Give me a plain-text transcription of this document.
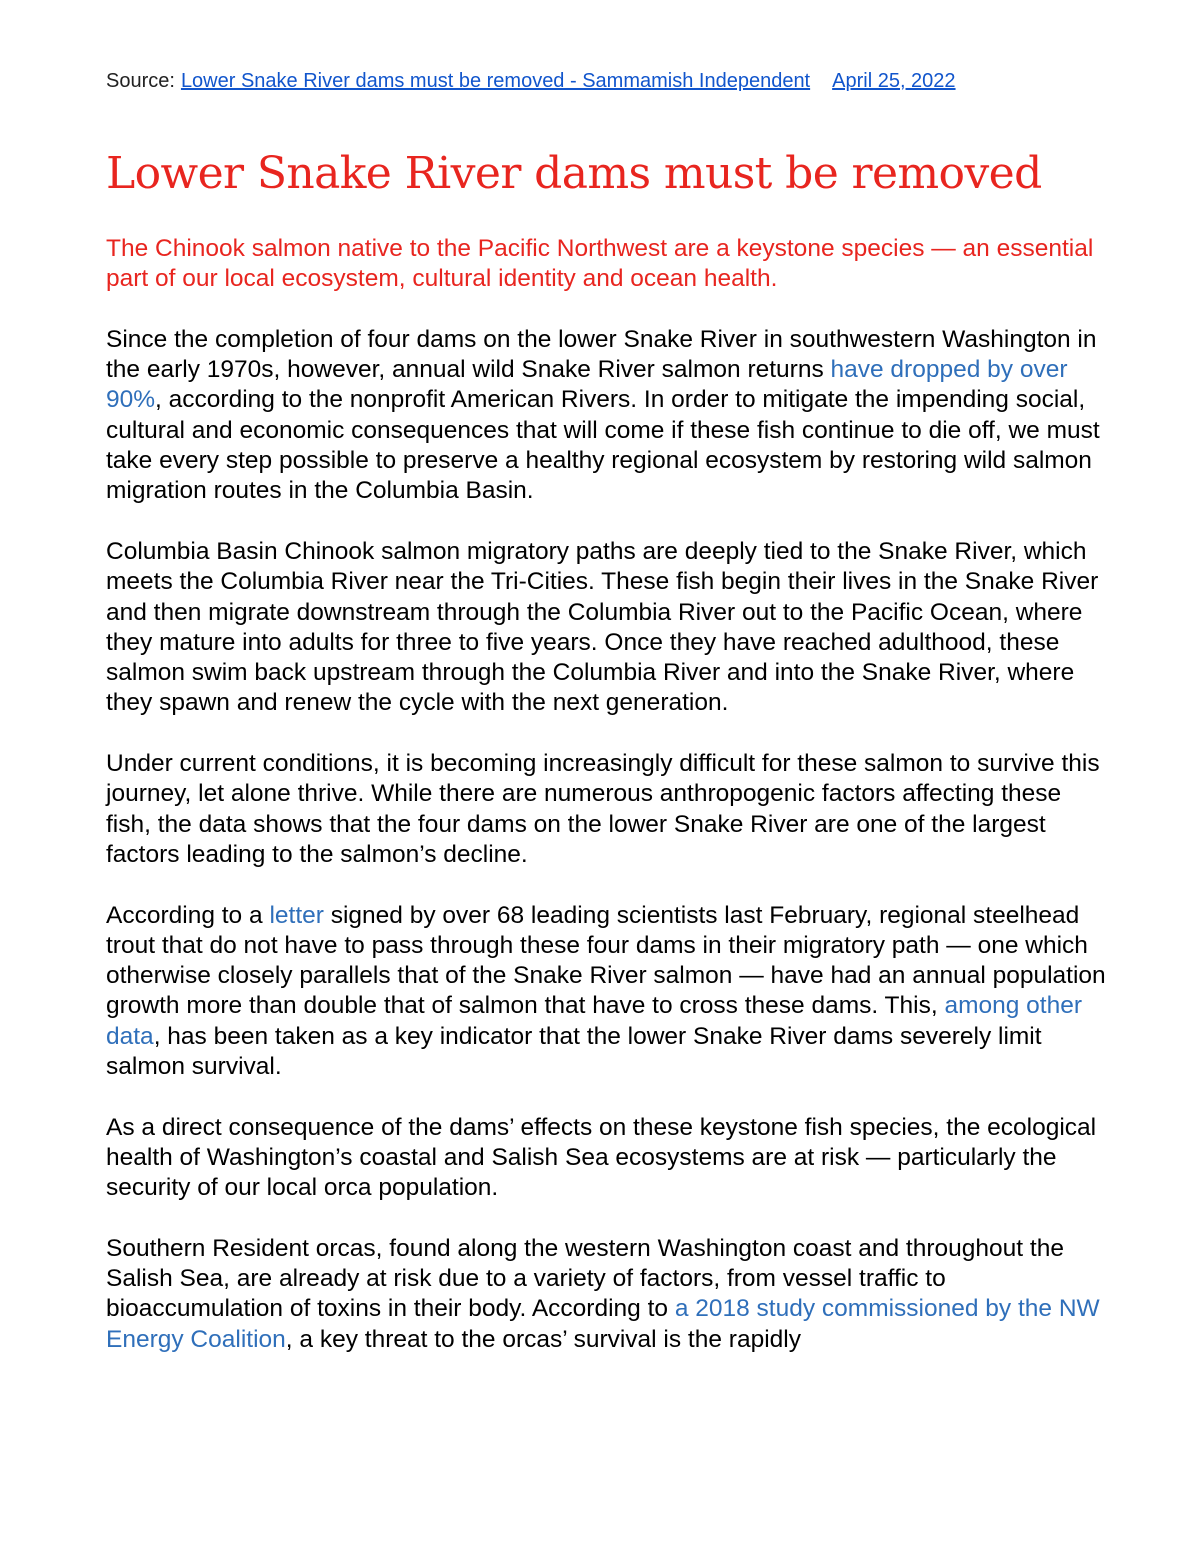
Source: Lower Snake River dams must be removed - Sammamish Independent April 25, 2022
Lower Snake River dams must be removed

The Chinook salmon native to the Pacific Northwest are a keystone species — an essential part of our local ecosystem, cultural identity and ocean health.

Since the completion of four dams on the lower Snake River in southwestern Washington in the early 1970s, however, annual wild Snake River salmon returns have dropped by over 90%, according to the nonprofit American Rivers. In order to mitigate the impending social, cultural and economic consequences that will come if these fish continue to die off, we must take every step possible to preserve a healthy regional ecosystem by restoring wild salmon migration routes in the Columbia Basin.

Columbia Basin Chinook salmon migratory paths are deeply tied to the Snake River, which meets the Columbia River near the Tri-Cities. These fish begin their lives in the Snake River and then migrate downstream through the Columbia River out to the Pacific Ocean, where they mature into adults for three to five years. Once they have reached adulthood, these salmon swim back upstream through the Columbia River and into the Snake River, where they spawn and renew the cycle with the next generation.

Under current conditions, it is becoming increasingly difficult for these salmon to survive this journey, let alone thrive. While there are numerous anthropogenic factors affecting these fish, the data shows that the four dams on the lower Snake River are one of the largest factors leading to the salmon’s decline.

According to a letter signed by over 68 leading scientists last February, regional steelhead trout that do not have to pass through these four dams in their migratory path — one which otherwise closely parallels that of the Snake River salmon — have had an annual population growth more than double that of salmon that have to cross these dams. This, among other data, has been taken as a key indicator that the lower Snake River dams severely limit salmon survival.

As a direct consequence of the dams’ effects on these keystone fish species, the ecological health of Washington’s coastal and Salish Sea ecosystems are at risk — particularly the security of our local orca population.

Southern Resident orcas, found along the western Washington coast and throughout the Salish Sea, are already at risk due to a variety of factors, from vessel traffic to bioaccumulation of toxins in their body. According to a 2018 study commissioned by the NW Energy Coalition, a key threat to the orcas’ survival is the rapidly
